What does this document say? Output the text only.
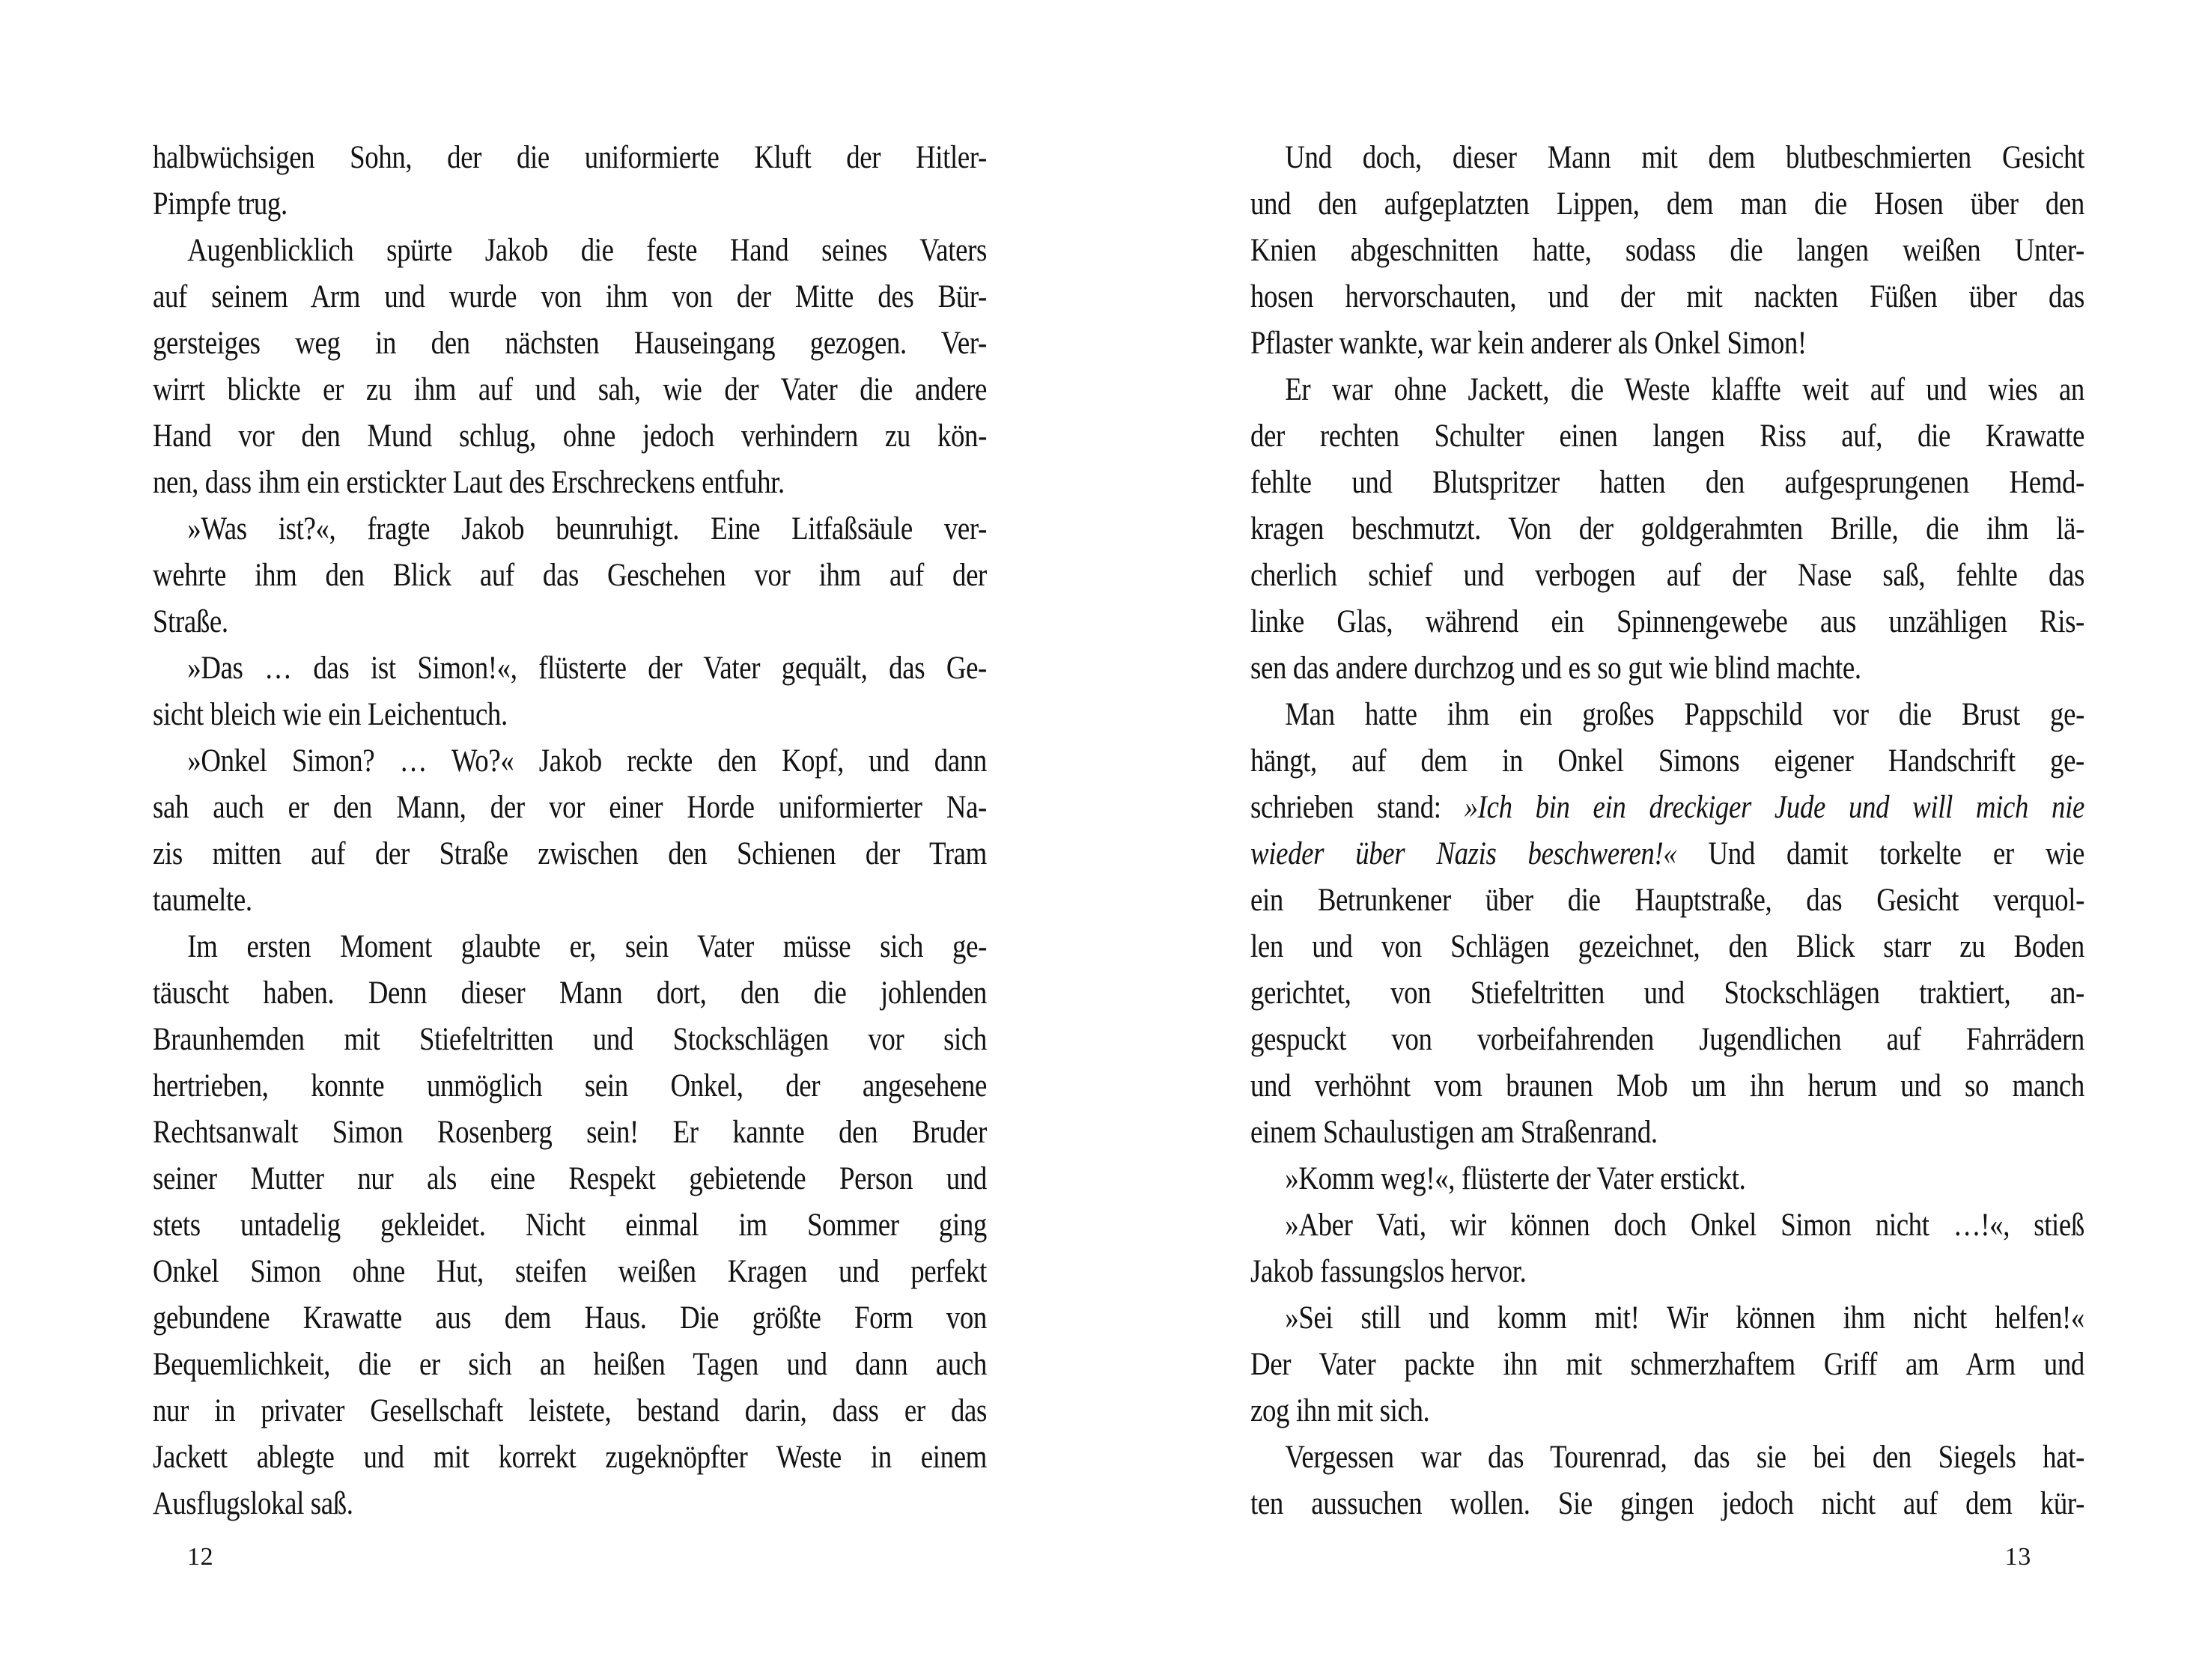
halbwüchsigen Sohn, der die uniformierte Kluft der Hitler-
Pimpfe trug.
Augenblicklich spürte Jakob die feste Hand seines Vaters
auf seinem Arm und wurde von ihm von der Mitte des Bür-
gersteiges weg in den nächsten Hauseingang gezogen. Ver-
wirrt blickte er zu ihm auf und sah, wie der Vater die andere
Hand vor den Mund schlug, ohne jedoch verhindern zu kön-
nen, dass ihm ein erstickter Laut des Erschreckens entfuhr.
»Was ist?«, fragte Jakob beunruhigt. Eine Litfaßsäule ver-
wehrte ihm den Blick auf das Geschehen vor ihm auf der
Straße.
»Das … das ist Simon!«, flüsterte der Vater gequält, das Ge-
sicht bleich wie ein Leichentuch.
»Onkel Simon? … Wo?« Jakob reckte den Kopf, und dann
sah auch er den Mann, der vor einer Horde uniformierter Na-
zis mitten auf der Straße zwischen den Schienen der Tram
taumelte.
Im ersten Moment glaubte er, sein Vater müsse sich ge-
täuscht haben. Denn dieser Mann dort, den die johlenden
Braunhemden mit Stiefeltritten und Stockschlägen vor sich
hertrieben, konnte unmöglich sein Onkel, der angesehene
Rechtsanwalt Simon Rosenberg sein! Er kannte den Bruder
seiner Mutter nur als eine Respekt gebietende Person und
stets untadelig gekleidet. Nicht einmal im Sommer ging
Onkel Simon ohne Hut, steifen weißen Kragen und perfekt
gebundene Krawatte aus dem Haus. Die größte Form von
Bequemlichkeit, die er sich an heißen Tagen und dann auch
nur in privater Gesellschaft leistete, bestand darin, dass er das
Jackett ablegte und mit korrekt zugeknöpfter Weste in einem
Ausflugslokal saß.
Und doch, dieser Mann mit dem blutbeschmierten Gesicht
und den aufgeplatzten Lippen, dem man die Hosen über den
Knien abgeschnitten hatte, sodass die langen weißen Unter-
hosen hervorschauten, und der mit nackten Füßen über das
Pflaster wankte, war kein anderer als Onkel Simon!
Er war ohne Jackett, die Weste klaffte weit auf und wies an
der rechten Schulter einen langen Riss auf, die Krawatte
fehlte und Blutspritzer hatten den aufgesprungenen Hemd-
kragen beschmutzt. Von der goldgerahmten Brille, die ihm lä-
cherlich schief und verbogen auf der Nase saß, fehlte das
linke Glas, während ein Spinnengewebe aus unzähligen Ris-
sen das andere durchzog und es so gut wie blind machte.
Man hatte ihm ein großes Pappschild vor die Brust ge-
hängt, auf dem in Onkel Simons eigener Handschrift ge-
schrieben stand: »Ich bin ein dreckiger Jude und will mich nie
wieder über Nazis beschweren!« Und damit torkelte er wie
ein Betrunkener über die Hauptstraße, das Gesicht verquol-
len und von Schlägen gezeichnet, den Blick starr zu Boden
gerichtet, von Stiefeltritten und Stockschlägen traktiert, an-
gespuckt von vorbeifahrenden Jugendlichen auf Fahrrädern
und verhöhnt vom braunen Mob um ihn herum und so manch
einem Schaulustigen am Straßenrand.
»Komm weg!«, flüsterte der Vater erstickt.
»Aber Vati, wir können doch Onkel Simon nicht …!«, stieß
Jakob fassungslos hervor.
»Sei still und komm mit! Wir können ihm nicht helfen!«
Der Vater packte ihn mit schmerzhaftem Griff am Arm und
zog ihn mit sich.
Vergessen war das Tourenrad, das sie bei den Siegels hat-
ten aussuchen wollen. Sie gingen jedoch nicht auf dem kür-
12	13
